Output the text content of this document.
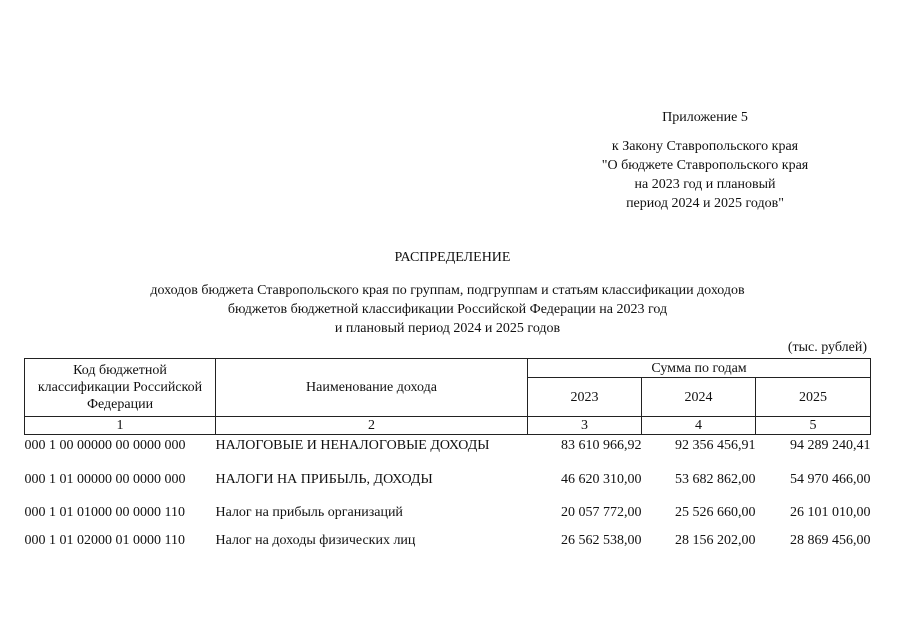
Приложение 5
к Закону Ставропольского края
"О бюджете Ставропольского края
на 2023 год и плановый
период 2024 и 2025 годов"
РАСПРЕДЕЛЕНИЕ
доходов бюджета Ставропольского края по группам, подгруппам и статьям классификации доходов
бюджетов бюджетной классификации Российской Федерации на 2023 год
и плановый период 2024 и 2025 годов
(тыс. рублей)
Код бюджетной
классификации Российской
Федерации	Наименование дохода	Сумма по годам		
		2023	2024	2025
1	2	3	4	5
000 1 00 00000 00 0000 000	НАЛОГОВЫЕ И НЕНАЛОГОВЫЕ ДОХОДЫ	83 610 966,92	92 356 456,91	94 289 240,41
000 1 01 00000 00 0000 000	НАЛОГИ НА ПРИБЫЛЬ, ДОХОДЫ	46 620 310,00	53 682 862,00	54 970 466,00
000 1 01 01000 00 0000 110	Налог на прибыль организаций	20 057 772,00	25 526 660,00	26 101 010,00
000 1 01 02000 01 0000 110	Налог на доходы физических лиц	26 562 538,00	28 156 202,00	28 869 456,00
